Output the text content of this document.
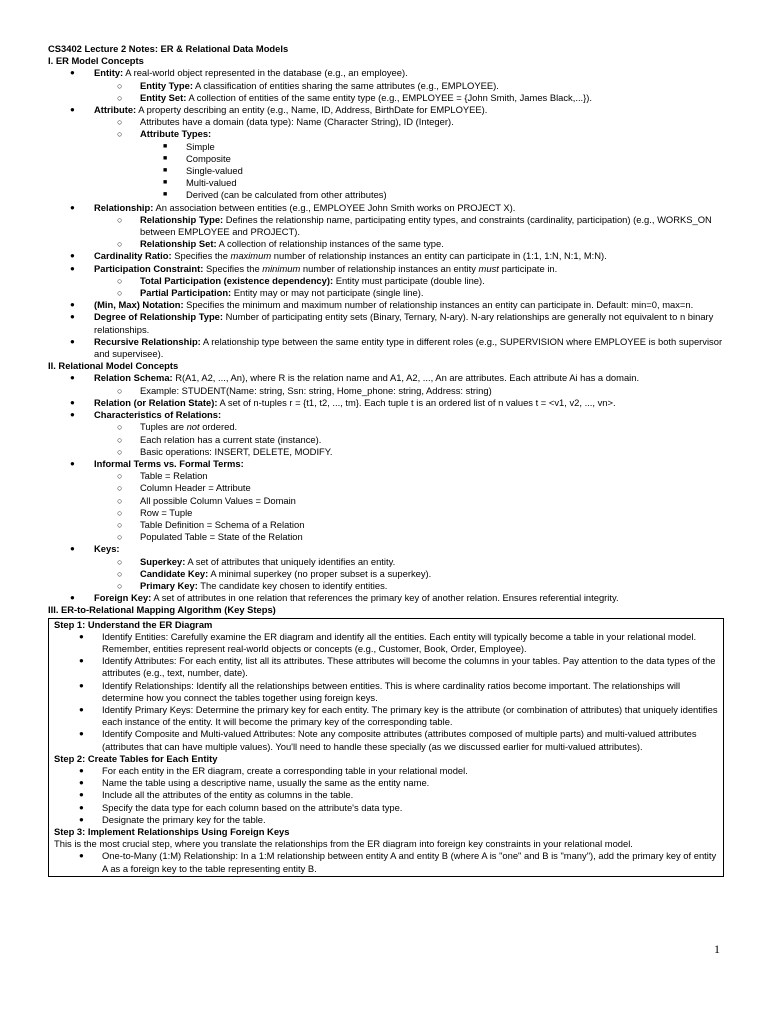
CS3402 Lecture 2 Notes: ER & Relational Data Models
I. ER Model Concepts
● Entity: A real-world object represented in the database (e.g., an employee).
○ Entity Type: A classification of entities sharing the same attributes (e.g., EMPLOYEE).
○ Entity Set: A collection of entities of the same entity type (e.g., EMPLOYEE = {John Smith, James Black,...}).
● Attribute: A property describing an entity (e.g., Name, ID, Address, BirthDate for EMPLOYEE).
○ Attributes have a domain (data type): Name (Character String), ID (Integer).
○ Attribute Types:
■ Simple
■ Composite
■ Single-valued
■ Multi-valued
■ Derived (can be calculated from other attributes)
● Relationship: An association between entities (e.g., EMPLOYEE John Smith works on PROJECT X).
○ Relationship Type: Defines the relationship name, participating entity types, and constraints (cardinality, participation) (e.g., WORKS_ON between EMPLOYEE and PROJECT).
○ Relationship Set: A collection of relationship instances of the same type.
● Cardinality Ratio: Specifies the maximum number of relationship instances an entity can participate in (1:1, 1:N, N:1, M:N).
● Participation Constraint: Specifies the minimum number of relationship instances an entity must participate in.
○ Total Participation (existence dependency): Entity must participate (double line).
○ Partial Participation: Entity may or may not participate (single line).
● (Min, Max) Notation: Specifies the minimum and maximum number of relationship instances an entity can participate in. Default: min=0, max=n.
● Degree of Relationship Type: Number of participating entity sets (Binary, Ternary, N-ary). N-ary relationships are generally not equivalent to n binary relationships.
● Recursive Relationship: A relationship type between the same entity type in different roles (e.g., SUPERVISION where EMPLOYEE is both supervisor and supervisee).
II. Relational Model Concepts
● Relation Schema: R(A1, A2, ..., An), where R is the relation name and A1, A2, ..., An are attributes. Each attribute Ai has a domain.
○ Example: STUDENT(Name: string, Ssn: string, Home_phone: string, Address: string)
● Relation (or Relation State): A set of n-tuples r = {t1, t2, ..., tm}. Each tuple t is an ordered list of n values t = <v1, v2, ..., vn>.
● Characteristics of Relations:
○ Tuples are not ordered.
○ Each relation has a current state (instance).
○ Basic operations: INSERT, DELETE, MODIFY.
● Informal Terms vs. Formal Terms:
○ Table = Relation
○ Column Header = Attribute
○ All possible Column Values = Domain
○ Row = Tuple
○ Table Definition = Schema of a Relation
○ Populated Table = State of the Relation
● Keys:
○ Superkey: A set of attributes that uniquely identifies an entity.
○ Candidate Key: A minimal superkey (no proper subset is a superkey).
○ Primary Key: The candidate key chosen to identify entities.
● Foreign Key: A set of attributes in one relation that references the primary key of another relation. Ensures referential integrity.
III. ER-to-Relational Mapping Algorithm (Key Steps)
Step 1: Understand the ER Diagram
● Identify Entities: Carefully examine the ER diagram and identify all the entities. Each entity will typically become a table in your relational model. Remember, entities represent real-world objects or concepts (e.g., Customer, Book, Order, Employee).
● Identify Attributes: For each entity, list all its attributes. These attributes will become the columns in your tables. Pay attention to the data types of the attributes (e.g., text, number, date).
● Identify Relationships: Identify all the relationships between entities. This is where cardinality ratios become important. The relationships will determine how you connect the tables together using foreign keys.
● Identify Primary Keys: Determine the primary key for each entity. The primary key is the attribute (or combination of attributes) that uniquely identifies each instance of the entity. It will become the primary key of the corresponding table.
● Identify Composite and Multi-valued Attributes: Note any composite attributes (attributes composed of multiple parts) and multi-valued attributes (attributes that can have multiple values). You'll need to handle these specially (as we discussed earlier for multi-valued attributes).
Step 2: Create Tables for Each Entity
● For each entity in the ER diagram, create a corresponding table in your relational model.
● Name the table using a descriptive name, usually the same as the entity name.
● Include all the attributes of the entity as columns in the table.
● Specify the data type for each column based on the attribute's data type.
● Designate the primary key for the table.
Step 3: Implement Relationships Using Foreign Keys
This is the most crucial step, where you translate the relationships from the ER diagram into foreign key constraints in your relational model.
● One-to-Many (1:M) Relationship: In a 1:M relationship between entity A and entity B (where A is "one" and B is "many"), add the primary key of entity A as a foreign key to the table representing entity B.
1
